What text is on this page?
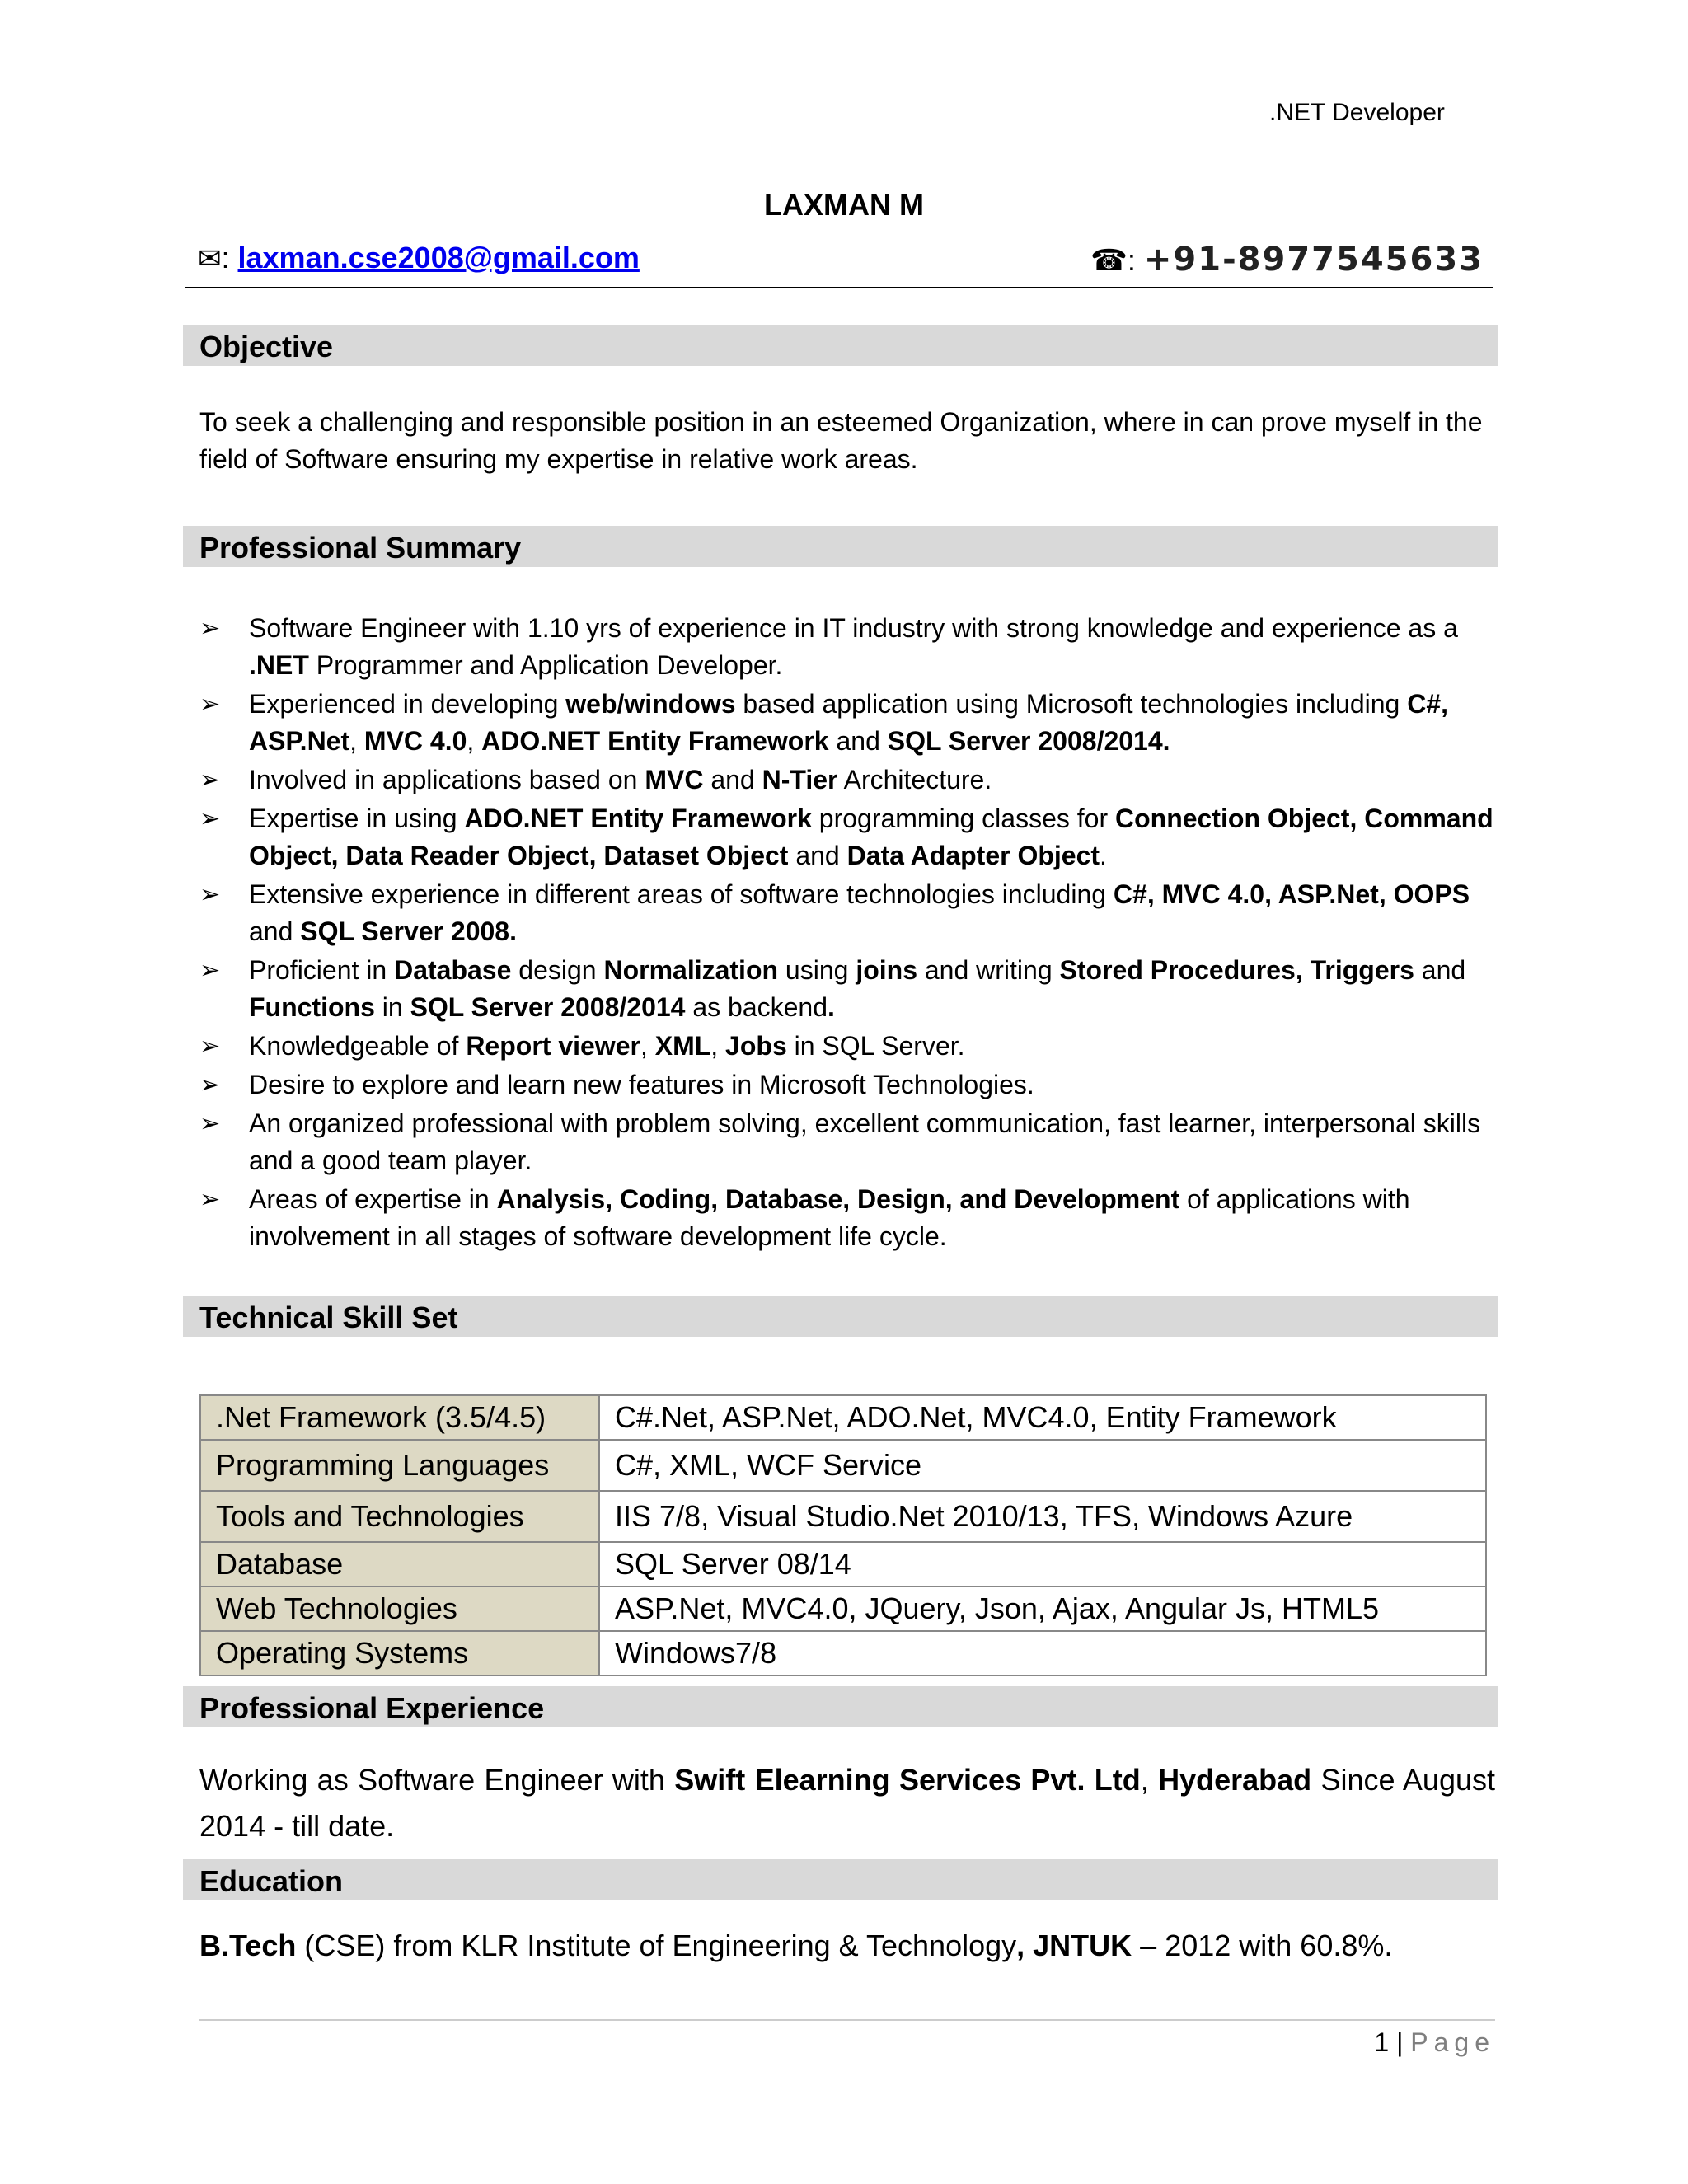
.NET Developer
LAXMAN M
✉: laxman.cse2008@gmail.com	☎: +91-8977545633
Objective
To seek a challenging and responsible position in an esteemed Organization, where in can prove myself in the field of Software ensuring my expertise in relative work areas.
Professional Summary
➢ Software Engineer with 1.10 yrs of experience in IT industry with strong knowledge and experience as a .NET Programmer and Application Developer.
➢ Experienced in developing web/windows based application using Microsoft technologies including C#, ASP.Net, MVC 4.0, ADO.NET Entity Framework and SQL Server 2008/2014.
➢ Involved in applications based on MVC and N-Tier Architecture.
➢ Expertise in using ADO.NET Entity Framework programming classes for Connection Object, Command Object, Data Reader Object, Dataset Object and Data Adapter Object.
➢ Extensive experience in different areas of software technologies including C#, MVC 4.0, ASP.Net, OOPS and SQL Server 2008.
➢ Proficient in Database design Normalization using joins and writing Stored Procedures, Triggers and Functions in SQL Server 2008/2014 as backend.
➢ Knowledgeable of Report viewer, XML, Jobs in SQL Server.
➢ Desire to explore and learn new features in Microsoft Technologies.
➢ An organized professional with problem solving, excellent communication, fast learner, interpersonal skills and a good team player.
➢ Areas of expertise in Analysis, Coding, Database, Design, and Development of applications with involvement in all stages of software development life cycle.
Technical Skill Set
.Net Framework (3.5/4.5)	C#.Net, ASP.Net, ADO.Net, MVC4.0, Entity Framework
Programming Languages	C#, XML, WCF Service
Tools and Technologies	IIS 7/8, Visual Studio.Net 2010/13, TFS, Windows Azure
Database	SQL Server 08/14
Web Technologies	ASP.Net, MVC4.0, JQuery, Json, Ajax, Angular Js, HTML5
Operating Systems	Windows7/8
Professional Experience
Working as Software Engineer with Swift Elearning Services Pvt. Ltd, Hyderabad Since August 2014 - till date.
Education
B.Tech (CSE) from KLR Institute of Engineering & Technology, JNTUK – 2012 with 60.8%.
1 | Page
